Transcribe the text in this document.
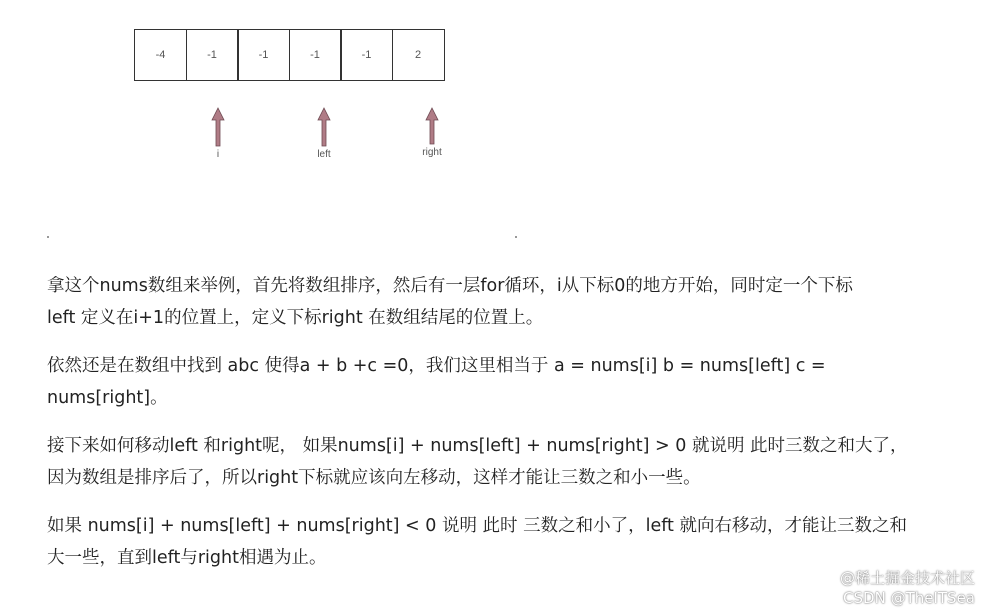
-4	-1	-1	-1	-1	2
i	left	right

拿这个nums数组来举例，首先将数组排序，然后有一层for循环，i从下标0的地方开始，同时定一个下标
left 定义在i+1的位置上，定义下标right 在数组结尾的位置上。

依然还是在数组中找到 abc 使得a + b +c =0，我们这里相当于 a = nums[i] b = nums[left] c =
nums[right]。

接下来如何移动left 和right呢， 如果nums[i] + nums[left] + nums[right] > 0 就说明 此时三数之和大了，
因为数组是排序后了，所以right下标就应该向左移动，这样才能让三数之和小一些。

如果 nums[i] + nums[left] + nums[right] < 0 说明 此时 三数之和小了，left 就向右移动，才能让三数之和
大一些，直到left与right相遇为止。

@稀土掘金技术社区
CSDN @TheITSea
